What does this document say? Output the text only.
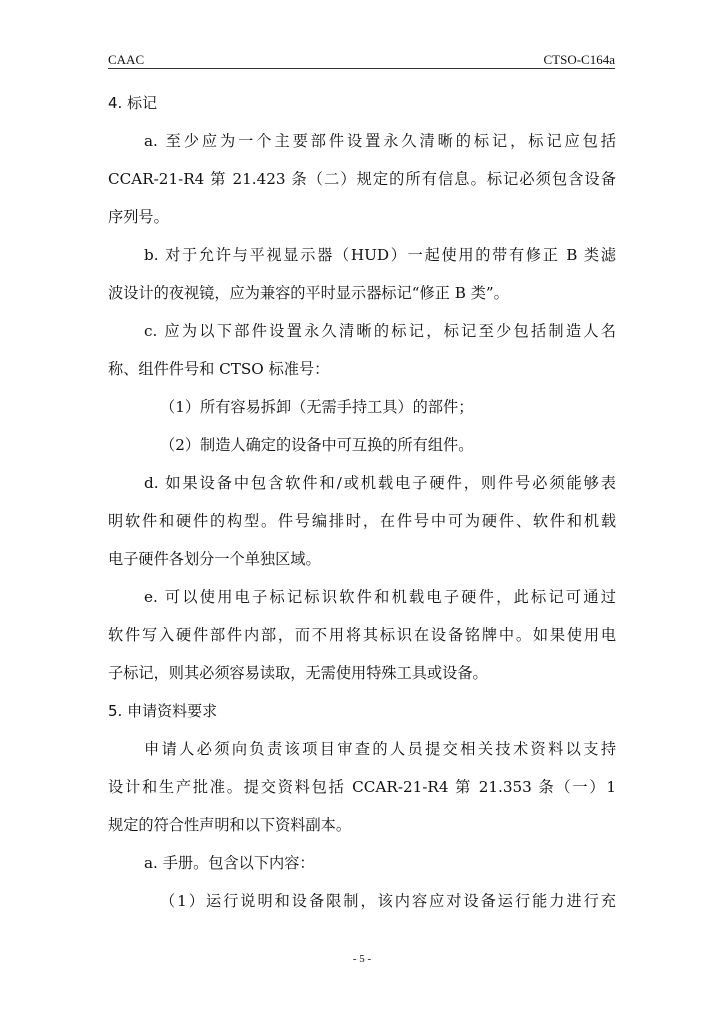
CAAC	CTSO-C164a
4. 标记
a. 至少应为一个主要部件设置永久清晰的标记，标记应包括
CCAR-21-R4 第 21.423 条（二）规定的所有信息。标记必须包含设备
序列号。
b. 对于允许与平视显示器（HUD）一起使用的带有修正 B 类滤
波设计的夜视镜，应为兼容的平时显示器标记“修正 B 类”。
c. 应为以下部件设置永久清晰的标记，标记至少包括制造人名
称、组件件号和 CTSO 标准号：
（1）所有容易拆卸（无需手持工具）的部件；
（2）制造人确定的设备中可互换的所有组件。
d. 如果设备中包含软件和/或机载电子硬件，则件号必须能够表
明软件和硬件的构型。件号编排时，在件号中可为硬件、软件和机载
电子硬件各划分一个单独区域。
e. 可以使用电子标记标识软件和机载电子硬件，此标记可通过
软件写入硬件部件内部，而不用将其标识在设备铭牌中。如果使用电
子标记，则其必须容易读取，无需使用特殊工具或设备。
5. 申请资料要求
申请人必须向负责该项目审查的人员提交相关技术资料以支持
设计和生产批准。提交资料包括 CCAR-21-R4 第 21.353 条（一）1
规定的符合性声明和以下资料副本。
a. 手册。包含以下内容：
（1）运行说明和设备限制，该内容应对设备运行能力进行充
- 5 -
